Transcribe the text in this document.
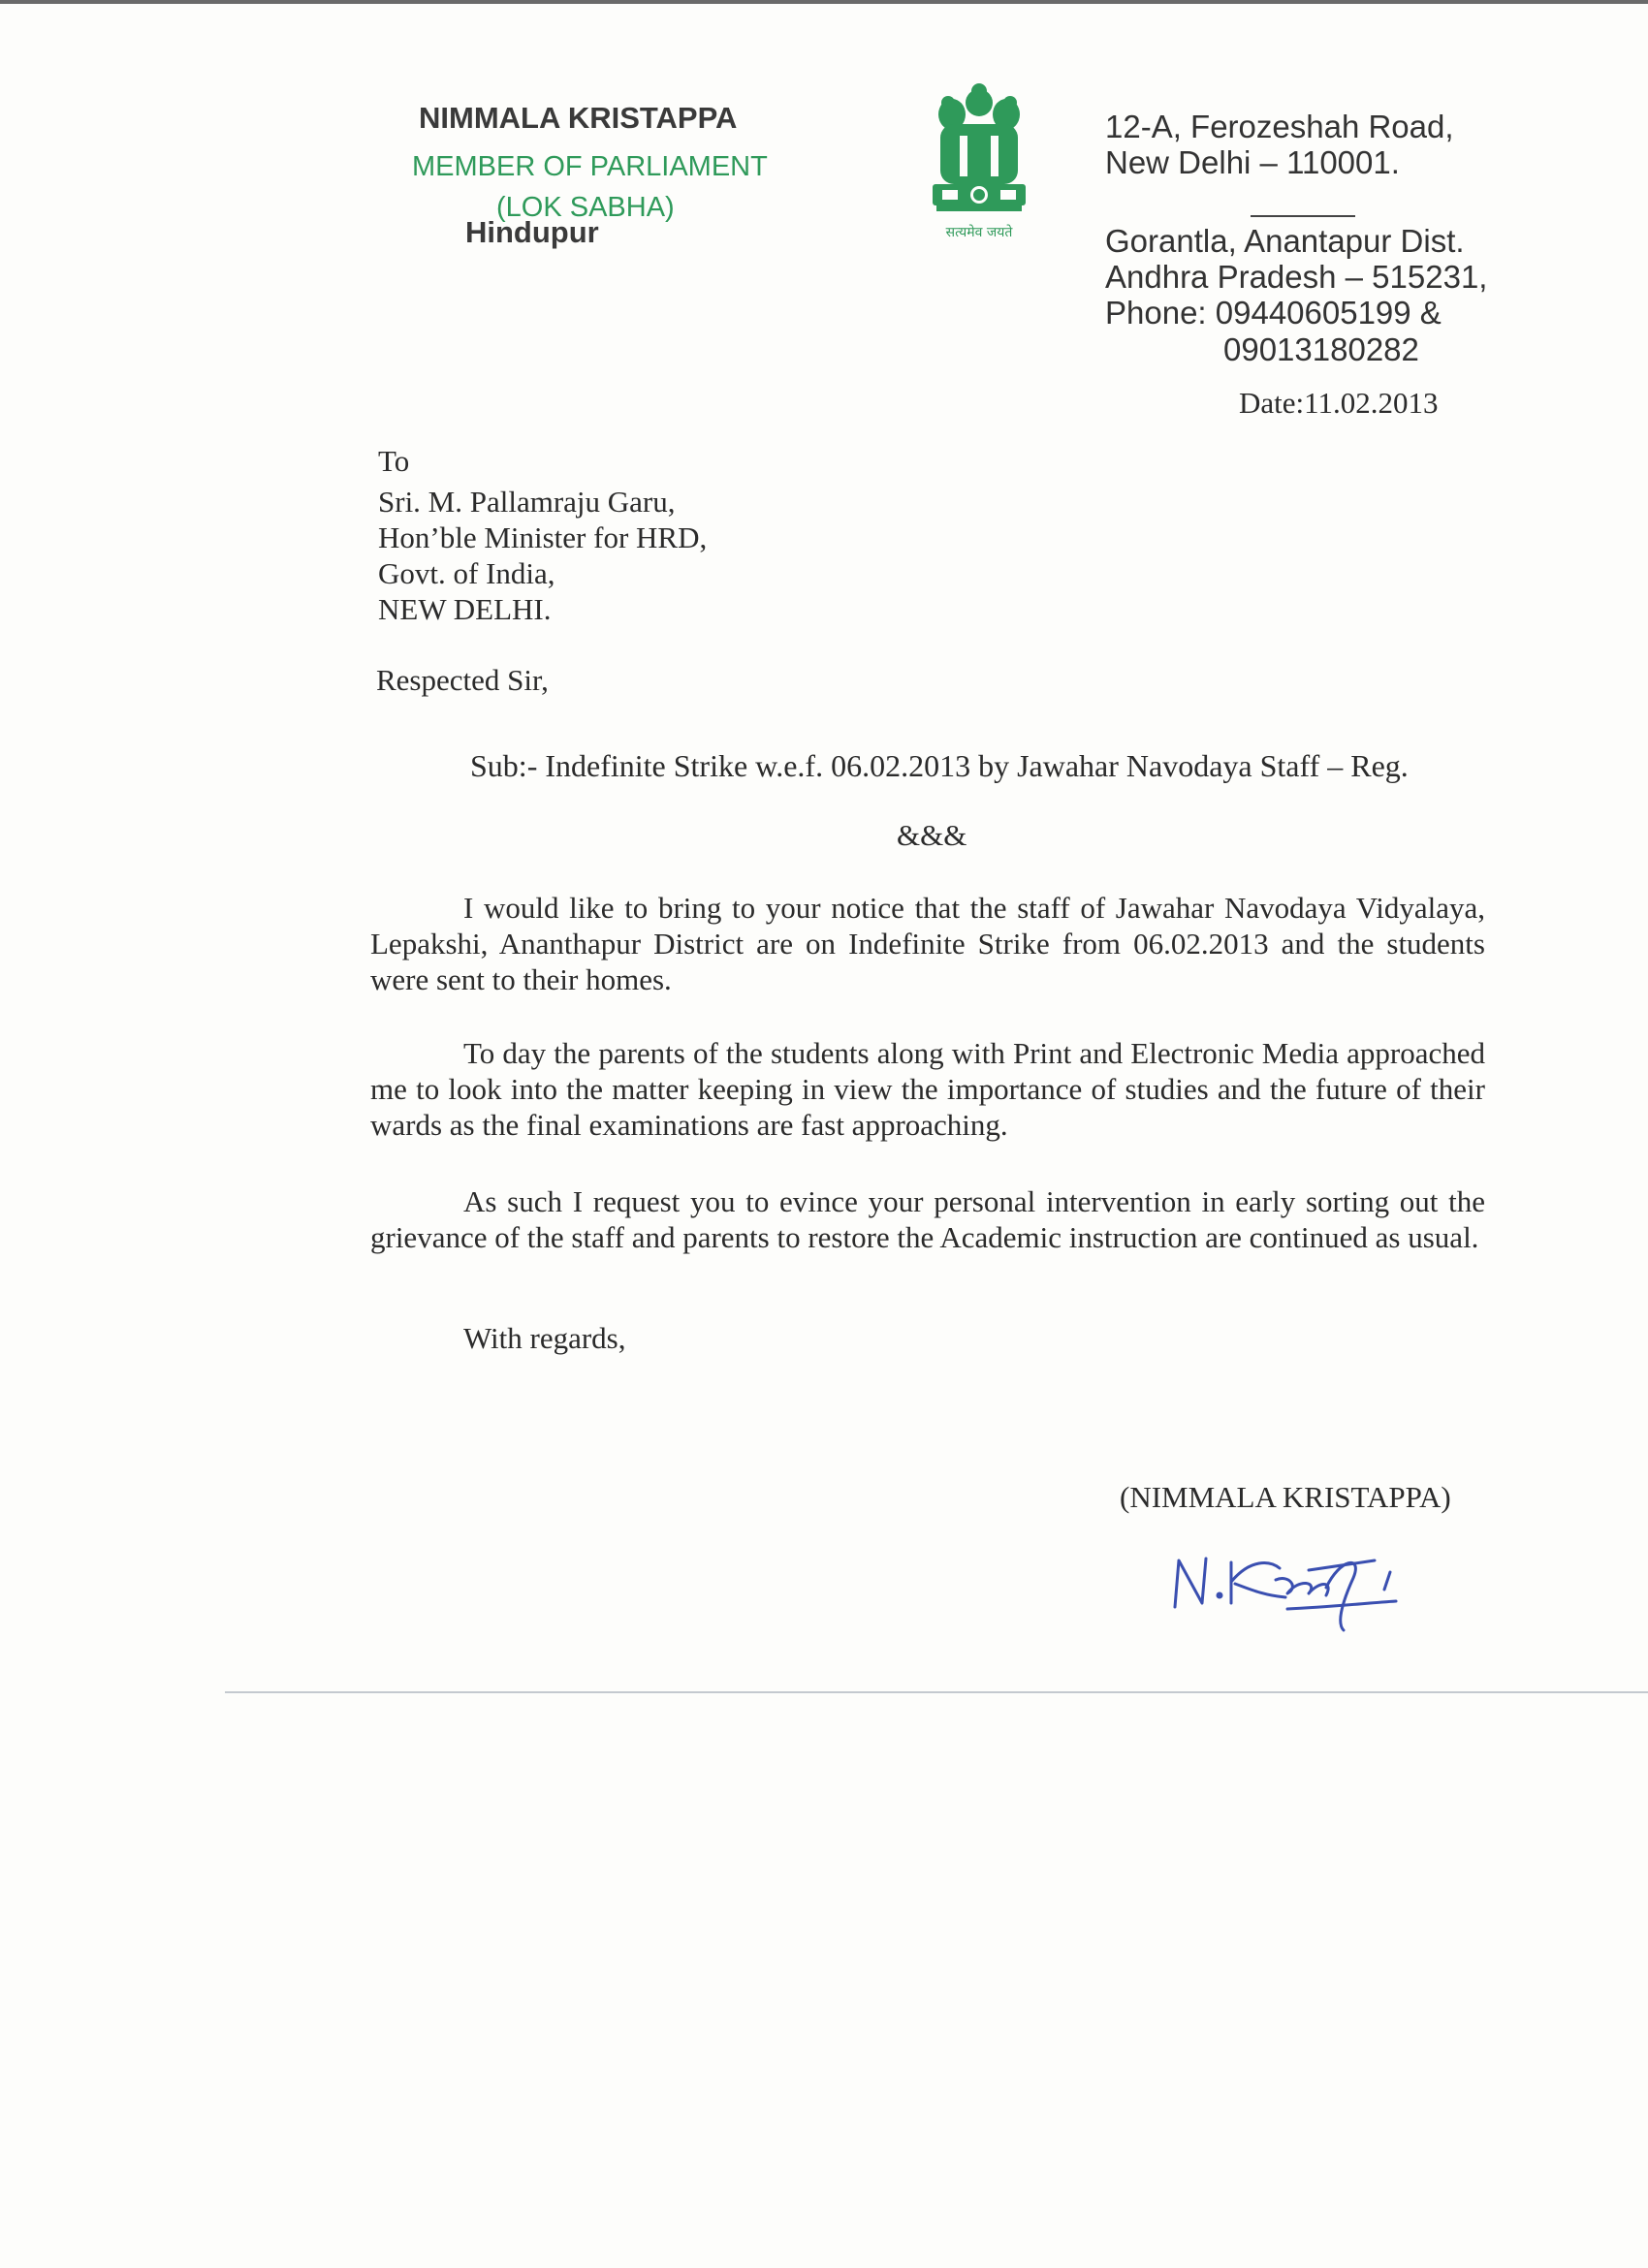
NIMMALA KRISTAPPA
MEMBER OF PARLIAMENT
(LOK SABHA)
Hindupur	सत्यमेव जयते
12-A, Ferozeshah Road,
New Delhi – 110001.
Gorantla, Anantapur Dist.
Andhra Pradesh – 515231,
Phone: 09440605199 &
09013180282
Date:11.02.2013
To
Sri. M. Pallamraju Garu,
Hon’ble Minister for HRD,
Govt. of India,
NEW DELHI.
Respected Sir,
Sub:- Indefinite Strike w.e.f. 06.02.2013 by Jawahar Navodaya Staff – Reg.
&&&
I would like to bring to your notice that the staff of Jawahar Navodaya Vidyalaya, Lepakshi, Ananthapur District are on Indefinite Strike from 06.02.2013 and the students were sent to their homes.
To day the parents of the students along with Print and Electronic Media approached me to look into the matter keeping in view the importance of studies and the future of their wards as the final examinations are fast approaching.
As such I request you to evince your personal intervention in early sorting out the grievance of the staff and parents to restore the Academic instruction are continued as usual.
With regards,
(NIMMALA KRISTAPPA)
